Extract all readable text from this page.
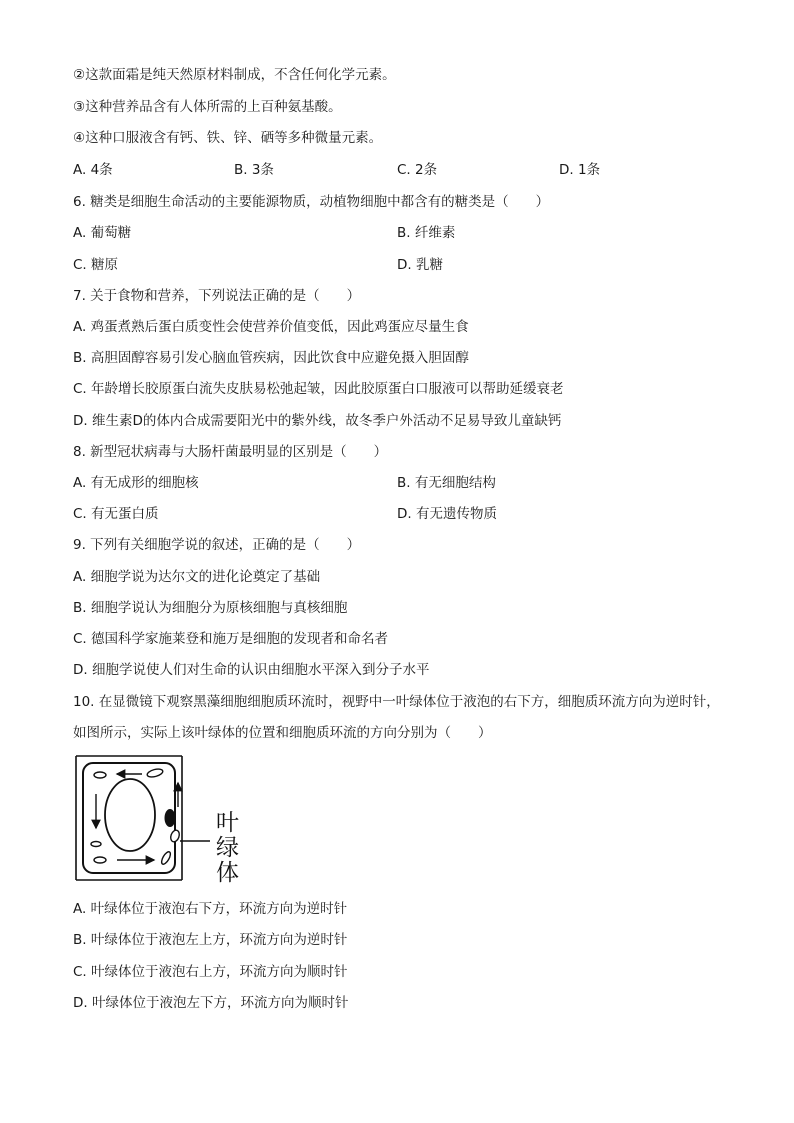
②这款面霜是纯天然原材料制成，不含任何化学元素。
③这种营养品含有人体所需的上百种氨基酸。
④这种口服液含有钙、铁、锌、硒等多种微量元素。
A. 4条	B. 3条	C. 2条	D. 1条
6. 糖类是细胞生命活动的主要能源物质，动植物细胞中都含有的糖类是（　　）
A. 葡萄糖	B. 纤维素
C. 糖原	D. 乳糖
7. 关于食物和营养，下列说法正确的是（　　）
A. 鸡蛋煮熟后蛋白质变性会使营养价值变低，因此鸡蛋应尽量生食
B. 高胆固醇容易引发心脑血管疾病，因此饮食中应避免摄入胆固醇
C. 年龄增长胶原蛋白流失皮肤易松弛起皱，因此胶原蛋白口服液可以帮助延缓衰老
D. 维生素D的体内合成需要阳光中的紫外线，故冬季户外活动不足易导致儿童缺钙
8. 新型冠状病毒与大肠杆菌最明显的区别是（　　）
A. 有无成形的细胞核	B. 有无细胞结构
C. 有无蛋白质	D. 有无遗传物质
9. 下列有关细胞学说的叙述，正确的是（　　）
A. 细胞学说为达尔文的进化论奠定了基础
B. 细胞学说认为细胞分为原核细胞与真核细胞
C. 德国科学家施莱登和施万是细胞的发现者和命名者
D. 细胞学说使人们对生命的认识由细胞水平深入到分子水平
10. 在显微镜下观察黑藻细胞细胞质环流时，视野中一叶绿体位于液泡的右下方，细胞质环流方向为逆时针，
如图所示，实际上该叶绿体的位置和细胞质环流的方向分别为（　　）
叶
绿
体
A. 叶绿体位于液泡右下方，环流方向为逆时针
B. 叶绿体位于液泡左上方，环流方向为逆时针
C. 叶绿体位于液泡右上方，环流方向为顺时针
D. 叶绿体位于液泡左下方，环流方向为顺时针
